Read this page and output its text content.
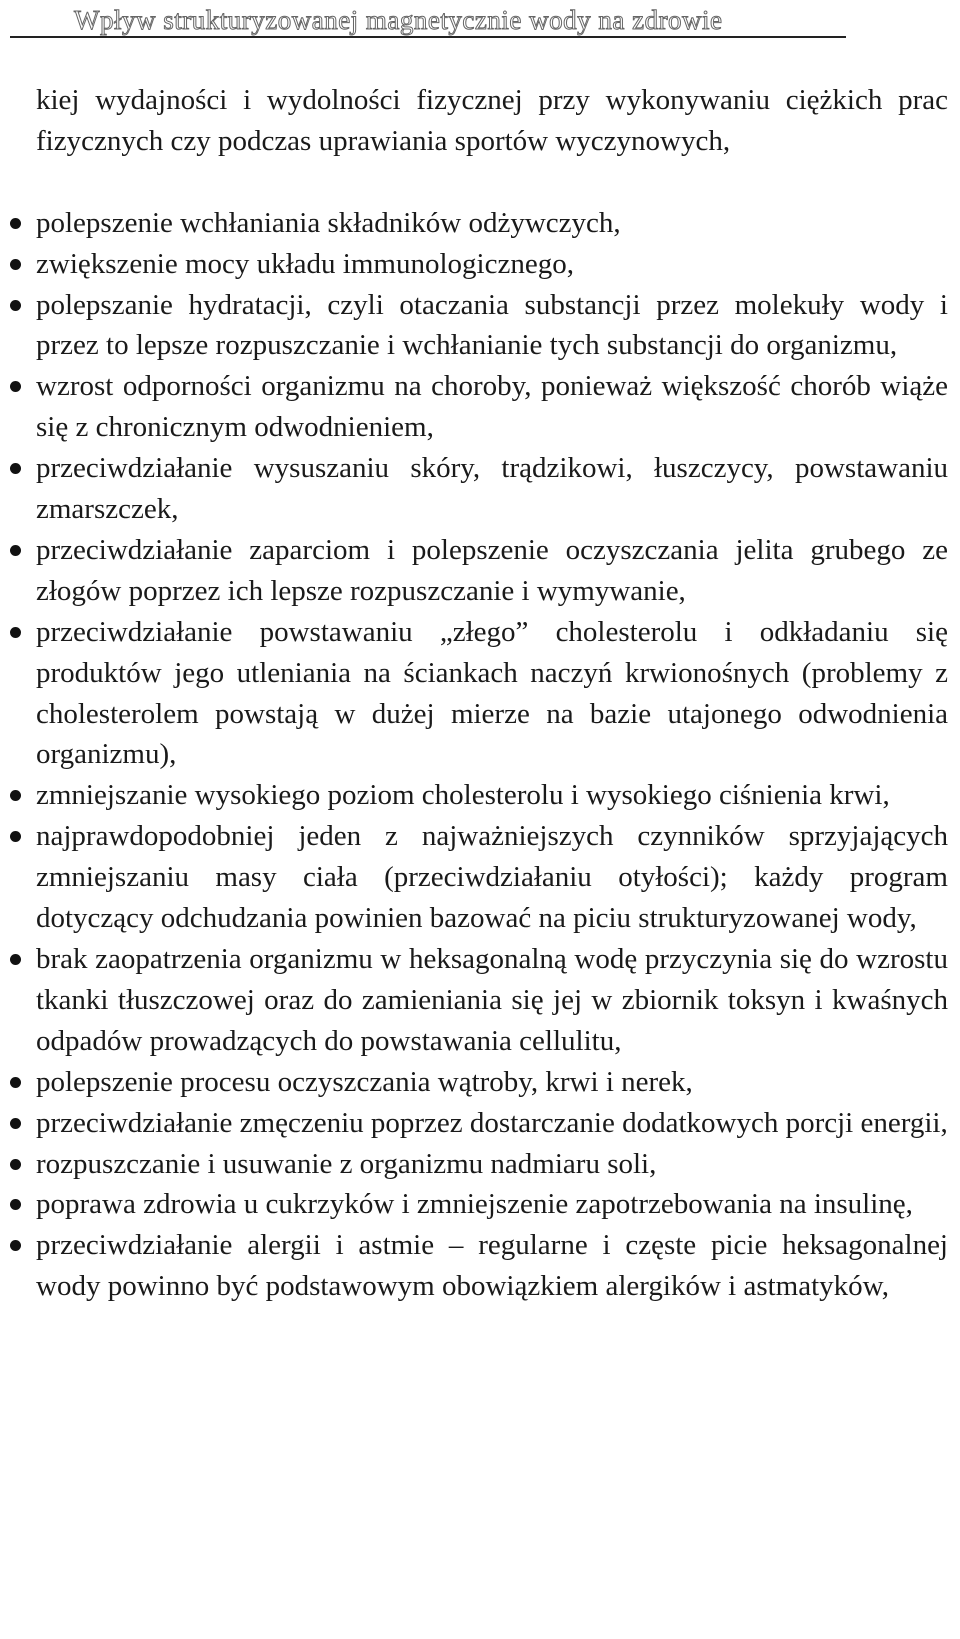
Wpływ strukturyzowanej magnetycznie wody na zdrowie

kiej wydajności i wydolności fizycznej przy wykonywaniu ciężkich prac fizycznych czy podczas uprawiania sportów wyczynowych,

polepszenie wchłaniania składników odżywczych,
zwiększenie mocy układu immunologicznego,
polepszanie hydratacji, czyli otaczania substancji przez molekuły wody i przez to lepsze rozpuszczanie i wchłanianie tych substancji do organizmu,
wzrost odporności organizmu na choroby, ponieważ większość chorób wiąże się z chronicznym odwodnieniem,
przeciwdziałanie wysuszaniu skóry, trądzikowi, łuszczycy, powstawaniu zmarszczek,
przeciwdziałanie zaparciom i polepszenie oczyszczania jelita grubego ze złogów poprzez ich lepsze rozpuszczanie i wymywanie,
przeciwdziałanie powstawaniu „złego” cholesterolu i odkładaniu się produktów jego utleniania na ściankach naczyń krwionośnych (problemy z cholesterolem powstają w dużej mierze na bazie utajonego odwodnienia organizmu),
zmniejszanie wysokiego poziom cholesterolu i wysokiego ciśnienia krwi,
najprawdopodobniej jeden z najważniejszych czynników sprzyjających zmniejszaniu masy ciała (przeciwdziałaniu otyłości); każdy program dotyczący odchudzania powinien bazować na piciu strukturyzowanej wody,
brak zaopatrzenia organizmu w heksagonalną wodę przyczynia się do wzrostu tkanki tłuszczowej oraz do zamieniania się jej w zbiornik toksyn i kwaśnych odpadów prowadzących do powstawania cellulitu,
polepszenie procesu oczyszczania wątroby, krwi i nerek,
przeciwdziałanie zmęczeniu poprzez dostarczanie dodatkowych porcji energii,
rozpuszczanie i usuwanie z organizmu nadmiaru soli,
poprawa zdrowia u cukrzyków i zmniejszenie zapotrzebowania na insulinę,
przeciwdziałanie alergii i astmie – regularne i częste picie heksagonalnej wody powinno być podstawowym obowiązkiem alergików i astmatyków,
